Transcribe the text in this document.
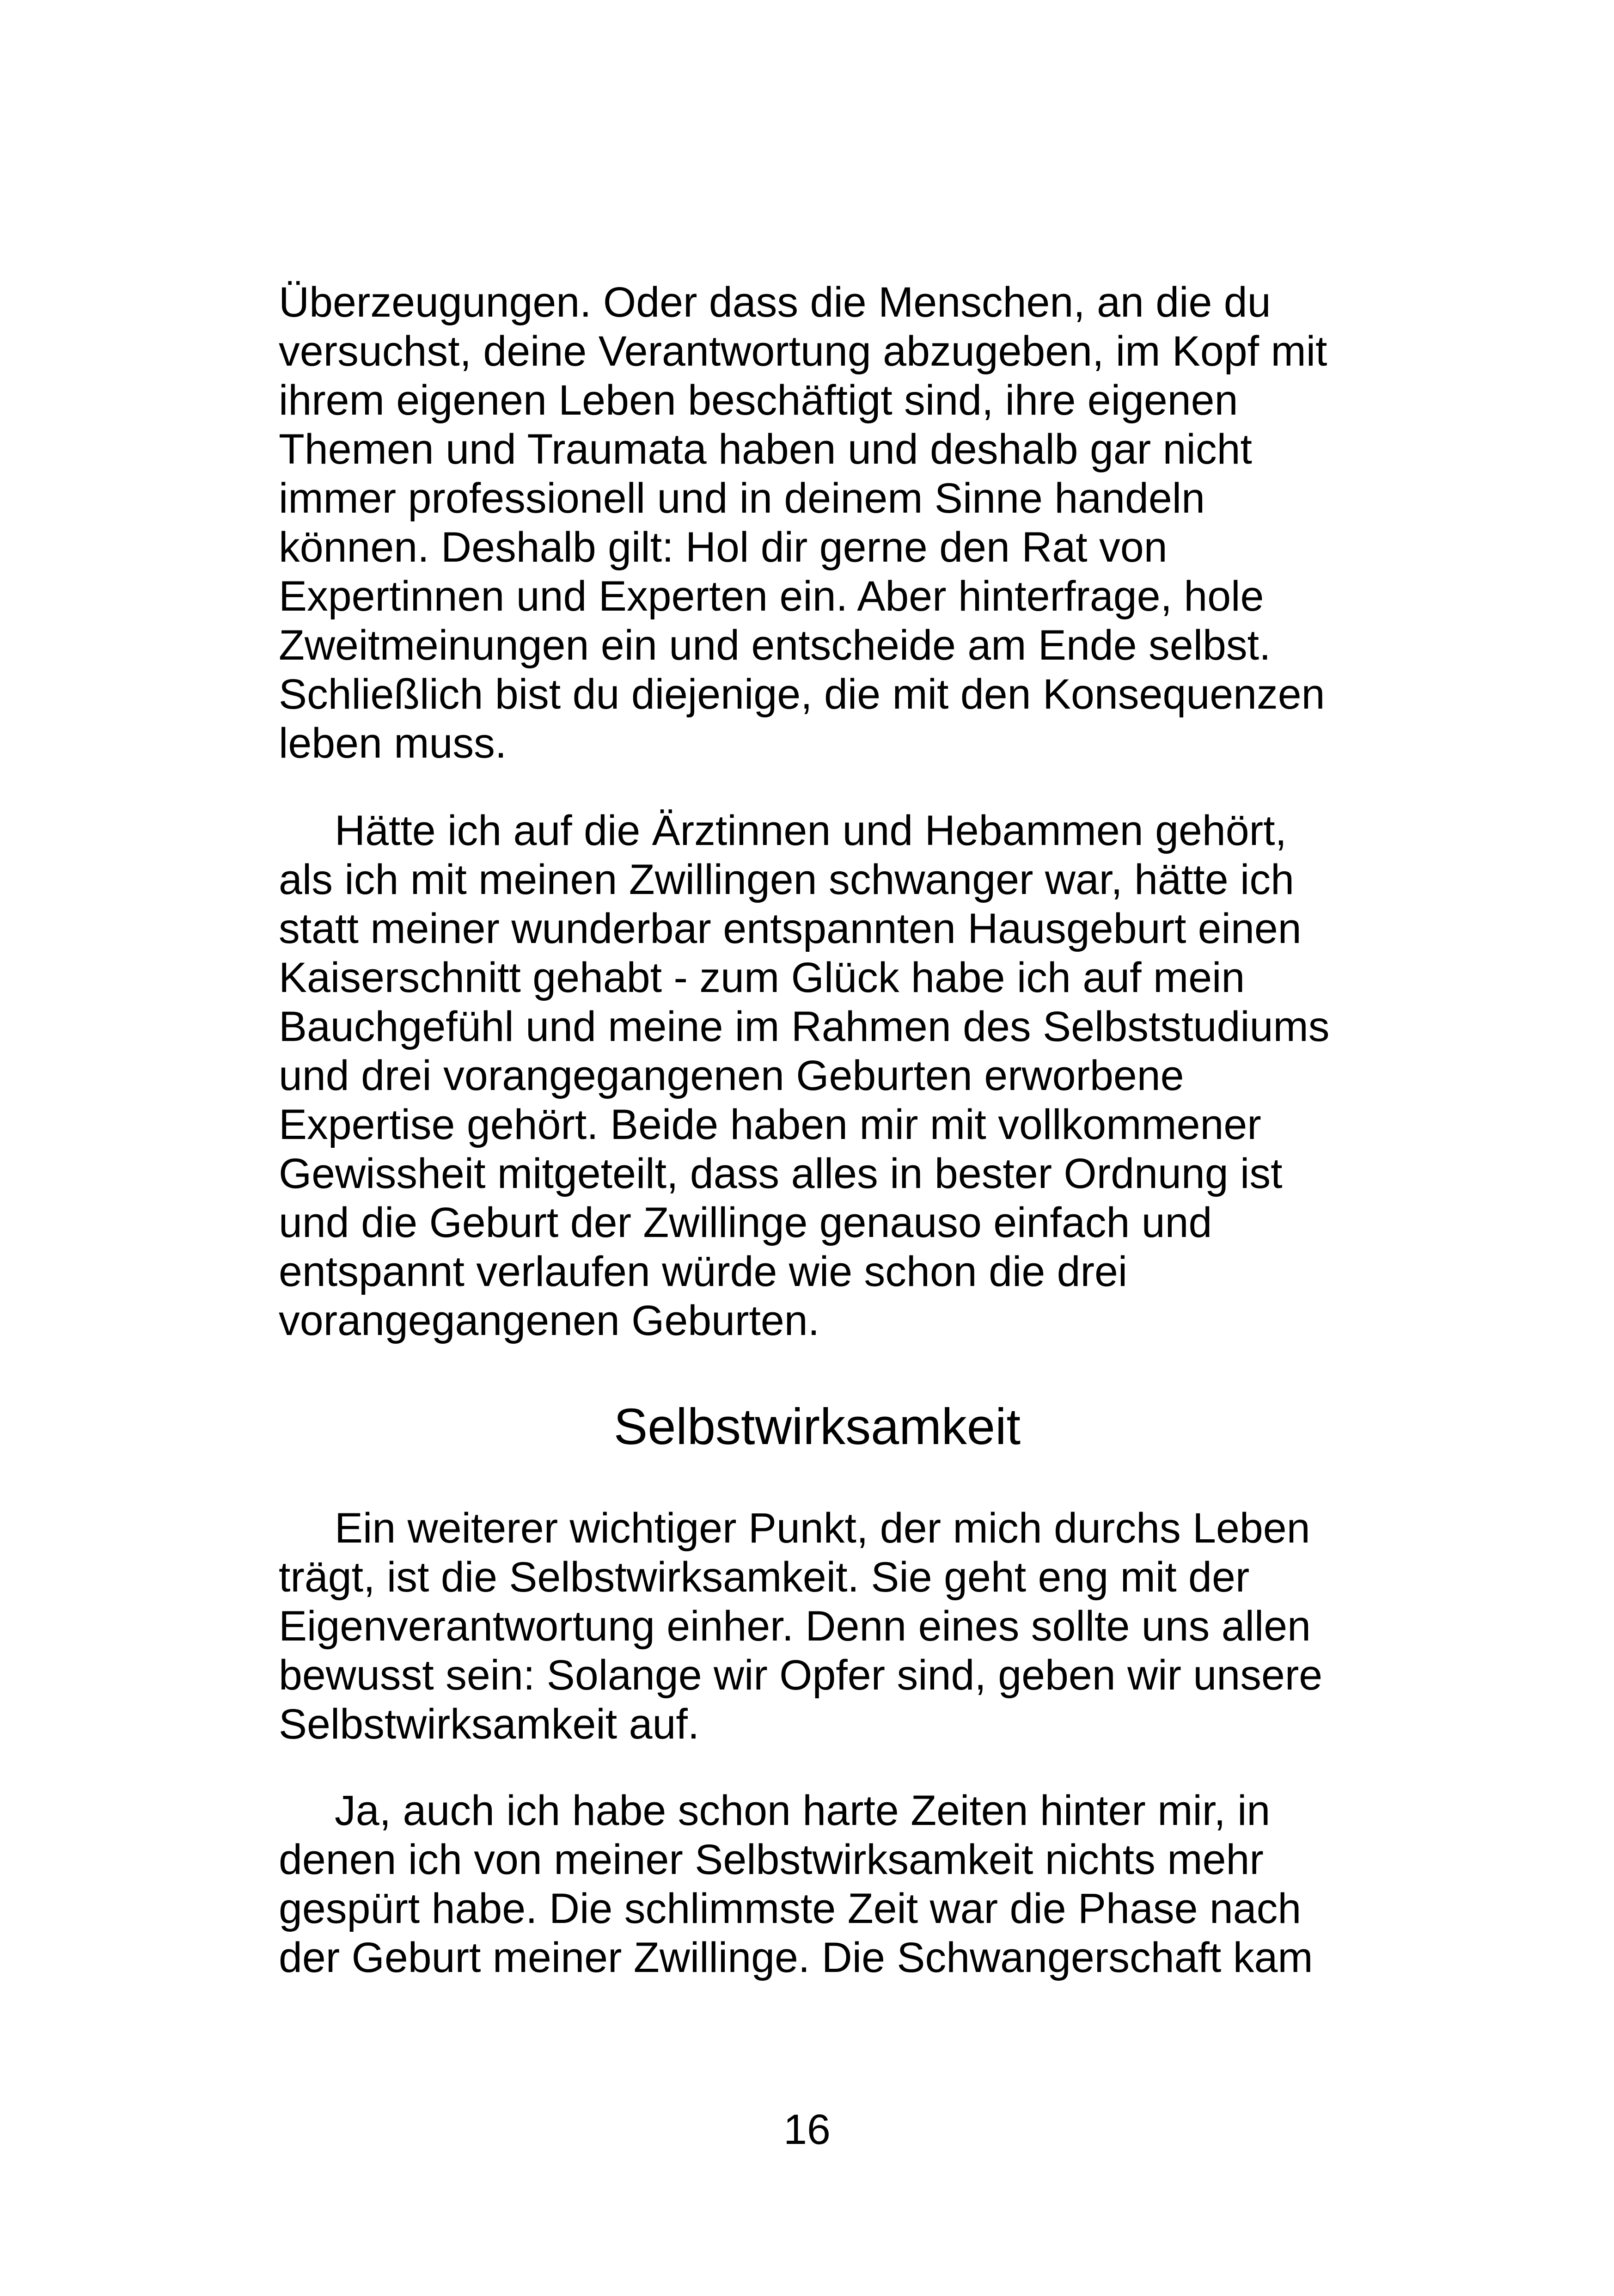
Überzeugungen. Oder dass die Menschen, an die du
versuchst, deine Verantwortung abzugeben, im Kopf mit
ihrem eigenen Leben beschäftigt sind, ihre eigenen
Themen und Traumata haben und deshalb gar nicht
immer professionell und in deinem Sinne handeln
können. Deshalb gilt: Hol dir gerne den Rat von
Expertinnen und Experten ein. Aber hinterfrage, hole
Zweitmeinungen ein und entscheide am Ende selbst.
Schließlich bist du diejenige, die mit den Konsequenzen
leben muss.
Hätte ich auf die Ärztinnen und Hebammen gehört,
als ich mit meinen Zwillingen schwanger war, hätte ich
statt meiner wunderbar entspannten Hausgeburt einen
Kaiserschnitt gehabt - zum Glück habe ich auf mein
Bauchgefühl und meine im Rahmen des Selbststudiums
und drei vorangegangenen Geburten erworbene
Expertise gehört. Beide haben mir mit vollkommener
Gewissheit mitgeteilt, dass alles in bester Ordnung ist
und die Geburt der Zwillinge genauso einfach und
entspannt verlaufen würde wie schon die drei
vorangegangenen Geburten.
Selbstwirksamkeit
Ein weiterer wichtiger Punkt, der mich durchs Leben
trägt, ist die Selbstwirksamkeit. Sie geht eng mit der
Eigenverantwortung einher. Denn eines sollte uns allen
bewusst sein: Solange wir Opfer sind, geben wir unsere
Selbstwirksamkeit auf.
Ja, auch ich habe schon harte Zeiten hinter mir, in
denen ich von meiner Selbstwirksamkeit nichts mehr
gespürt habe. Die schlimmste Zeit war die Phase nach
der Geburt meiner Zwillinge. Die Schwangerschaft kam
16
